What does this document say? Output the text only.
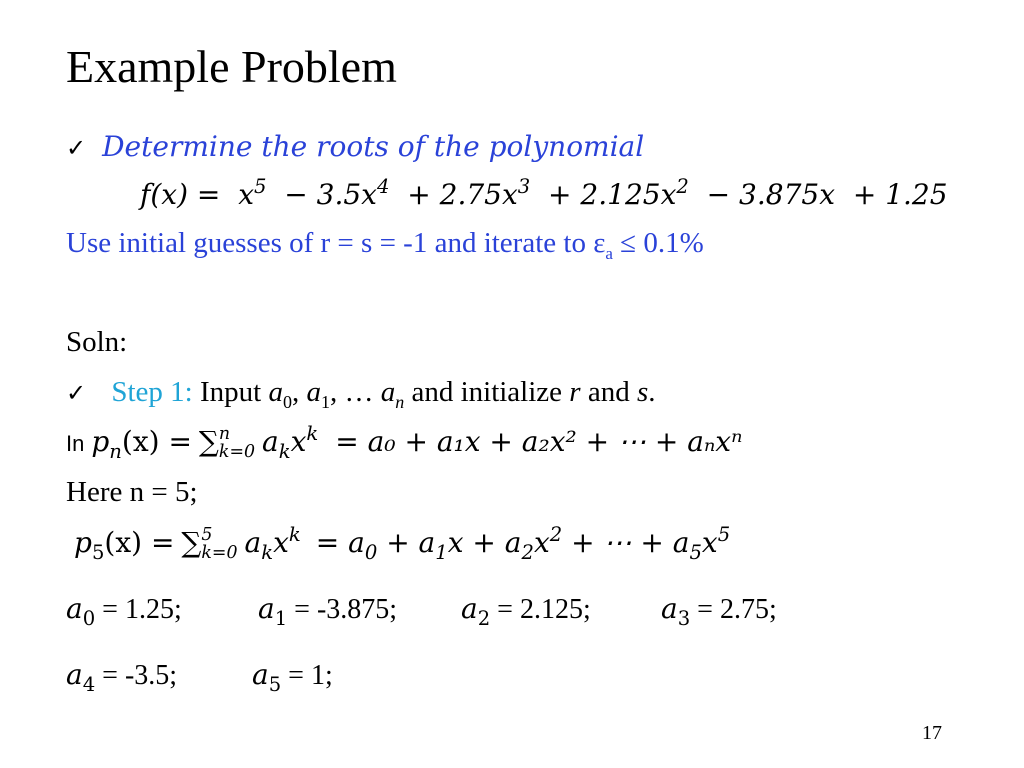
Example Problem
✓ Determine the roots of the polynomial
$f(x) = x^5 - 3.5x^4 + 2.75x^3 + 2.125x^2 - 3.875x + 1.25$
Use initial guesses of r = s = -1 and iterate to $\varepsilon_a \le 0.1\%$
Soln:
✓ Step 1: Input $a_0$, $a_1$, … $a_n$ and initialize r and s.
In $p_n(x)$ = ∑ n
k=0 $a_kx^k = a_0 + a_1x + a_2x^2$ + ⋯ + aₙxⁿ
Here n = 5;
$p_5(x)$ = ∑ 5
k=0 $a_kx^k = a_0 + a_1x + a_2x^2$ + ⋯ + $a_5x^5$
$a_0 = 1.25$;	$a_1 = -3.875$; $a_2 = 2.125$;	$a_3 = 2.75$;
$a_4 = -3.5$;	$a_5 = 1$;
17
